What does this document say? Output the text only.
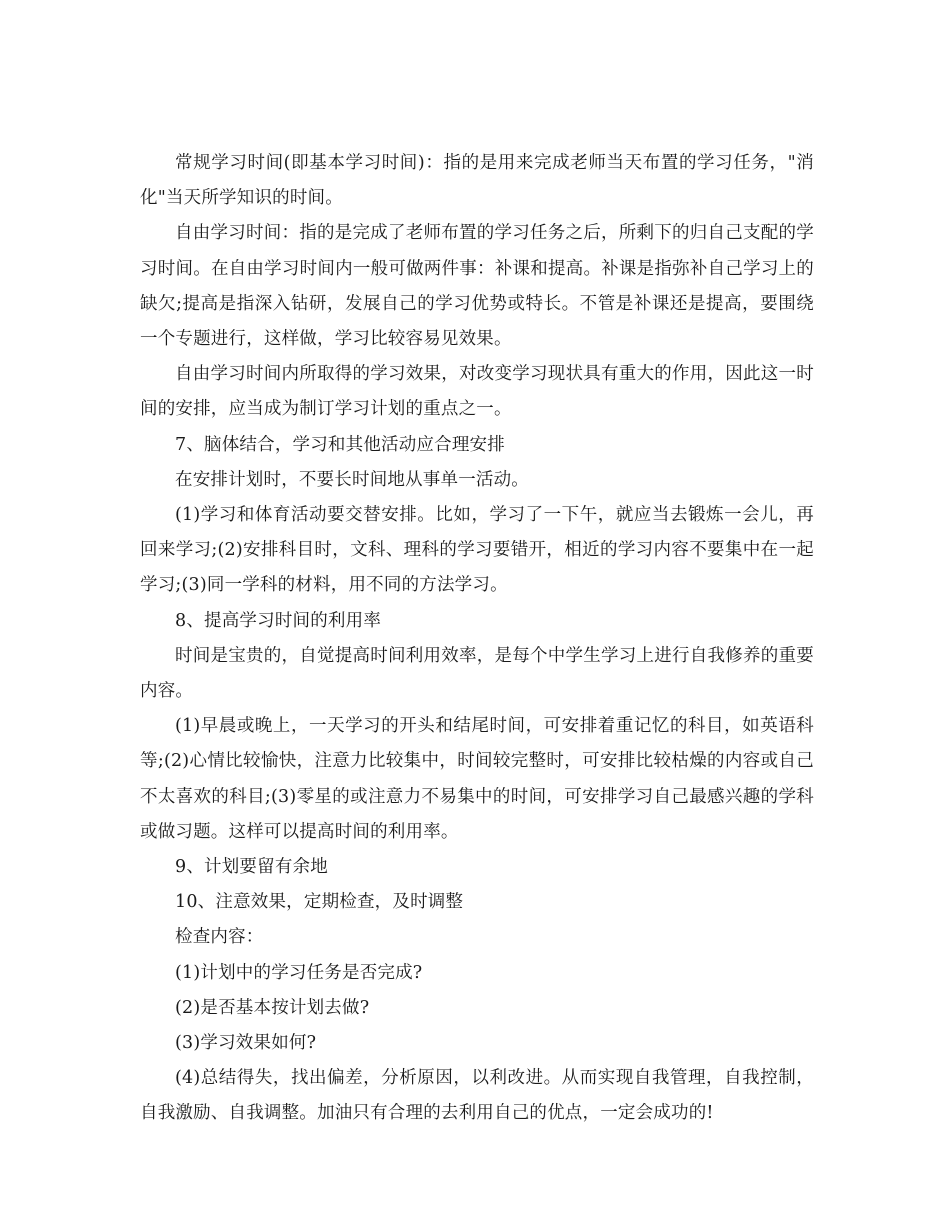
常规学习时间(即基本学习时间)：指的是用来完成老师当天布置的学习任务，"消化"当天所学知识的时间。

自由学习时间：指的是完成了老师布置的学习任务之后，所剩下的归自己支配的学习时间。在自由学习时间内一般可做两件事：补课和提高。补课是指弥补自己学习上的缺欠;提高是指深入钻研，发展自己的学习优势或特长。不管是补课还是提高，要围绕一个专题进行，这样做，学习比较容易见效果。

自由学习时间内所取得的学习效果，对改变学习现状具有重大的作用，因此这一时间的安排，应当成为制订学习计划的重点之一。

7、脑体结合，学习和其他活动应合理安排

在安排计划时，不要长时间地从事单一活动。

(1)学习和体育活动要交替安排。比如，学习了一下午，就应当去锻炼一会儿，再回来学习;(2)安排科目时，文科、理科的学习要错开，相近的学习内容不要集中在一起学习;(3)同一学科的材料，用不同的方法学习。

8、提高学习时间的利用率

时间是宝贵的，自觉提高时间利用效率，是每个中学生学习上进行自我修养的重要内容。

(1)早晨或晚上，一天学习的开头和结尾时间，可安排着重记忆的科目，如英语科等;(2)心情比较愉快，注意力比较集中，时间较完整时，可安排比较枯燥的内容或自己不太喜欢的科目;(3)零星的或注意力不易集中的时间，可安排学习自己最感兴趣的学科或做习题。这样可以提高时间的利用率。

9、计划要留有余地

10、注意效果，定期检查，及时调整

检查内容：

(1)计划中的学习任务是否完成?

(2)是否基本按计划去做?

(3)学习效果如何?

(4)总结得失，找出偏差，分析原因，以利改进。从而实现自我管理，自我控制，自我激励、自我调整。加油只有合理的去利用自己的优点，一定会成功的!
